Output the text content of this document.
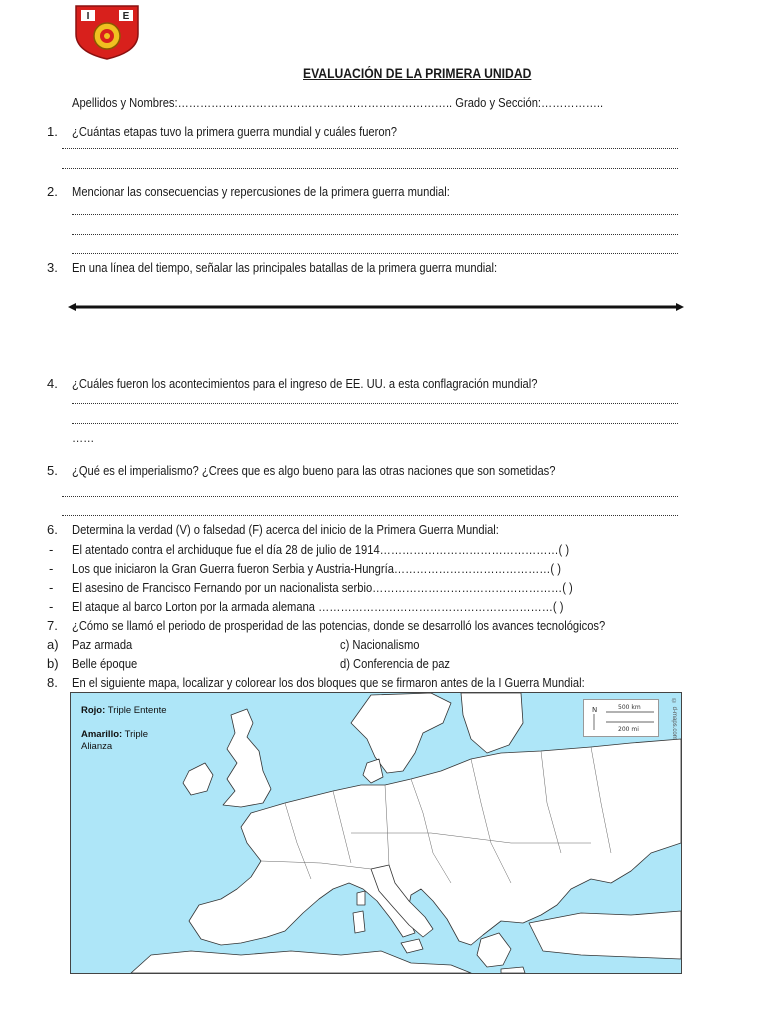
I	E
EVALUACIÓN DE LA PRIMERA UNIDAD
Apellidos y Nombres:……………………………………………………………….. Grado y Sección:……………..
1. ¿Cuántas etapas tuvo la primera guerra mundial y cuáles fueron?
2. Mencionar las consecuencias y repercusiones de la primera guerra mundial:
3. En una línea del tiempo, señalar las principales batallas de la primera guerra mundial:
4. ¿Cuáles fueron los acontecimientos para el ingreso de EE. UU. a esta conflagración mundial?
……
5. ¿Qué es el imperialismo? ¿Crees que es algo bueno para las otras naciones que son sometidas?
6. Determina la verdad (V) o falsedad (F) acerca del inicio de la Primera Guerra Mundial:
- El atentado contra el archiduque fue el día 28 de julio de 1914…………………………………………( )
- Los que iniciaron la Gran Guerra fueron Serbia y Austria-Hungría……………………………………( )
- El asesino de Francisco Fernando por un nacionalista serbio……………………………………………( )
- El ataque al barco Lorton por la armada alemana ………………………………………………………( )
7. ¿Cómo se llamó el periodo de prosperidad de las potencias, donde se desarrolló los avances tecnológicos?
a) Paz armada	c) Nacionalismo
b) Belle époque	d) Conferencia de paz
8. En el siguiente mapa, localizar y colorear los dos bloques que se firmaron antes de la I Guerra Mundial:
Rojo: Triple Entente
Amarillo: Triple
Alianza
N	500 km
200 mi	© d-maps.com
